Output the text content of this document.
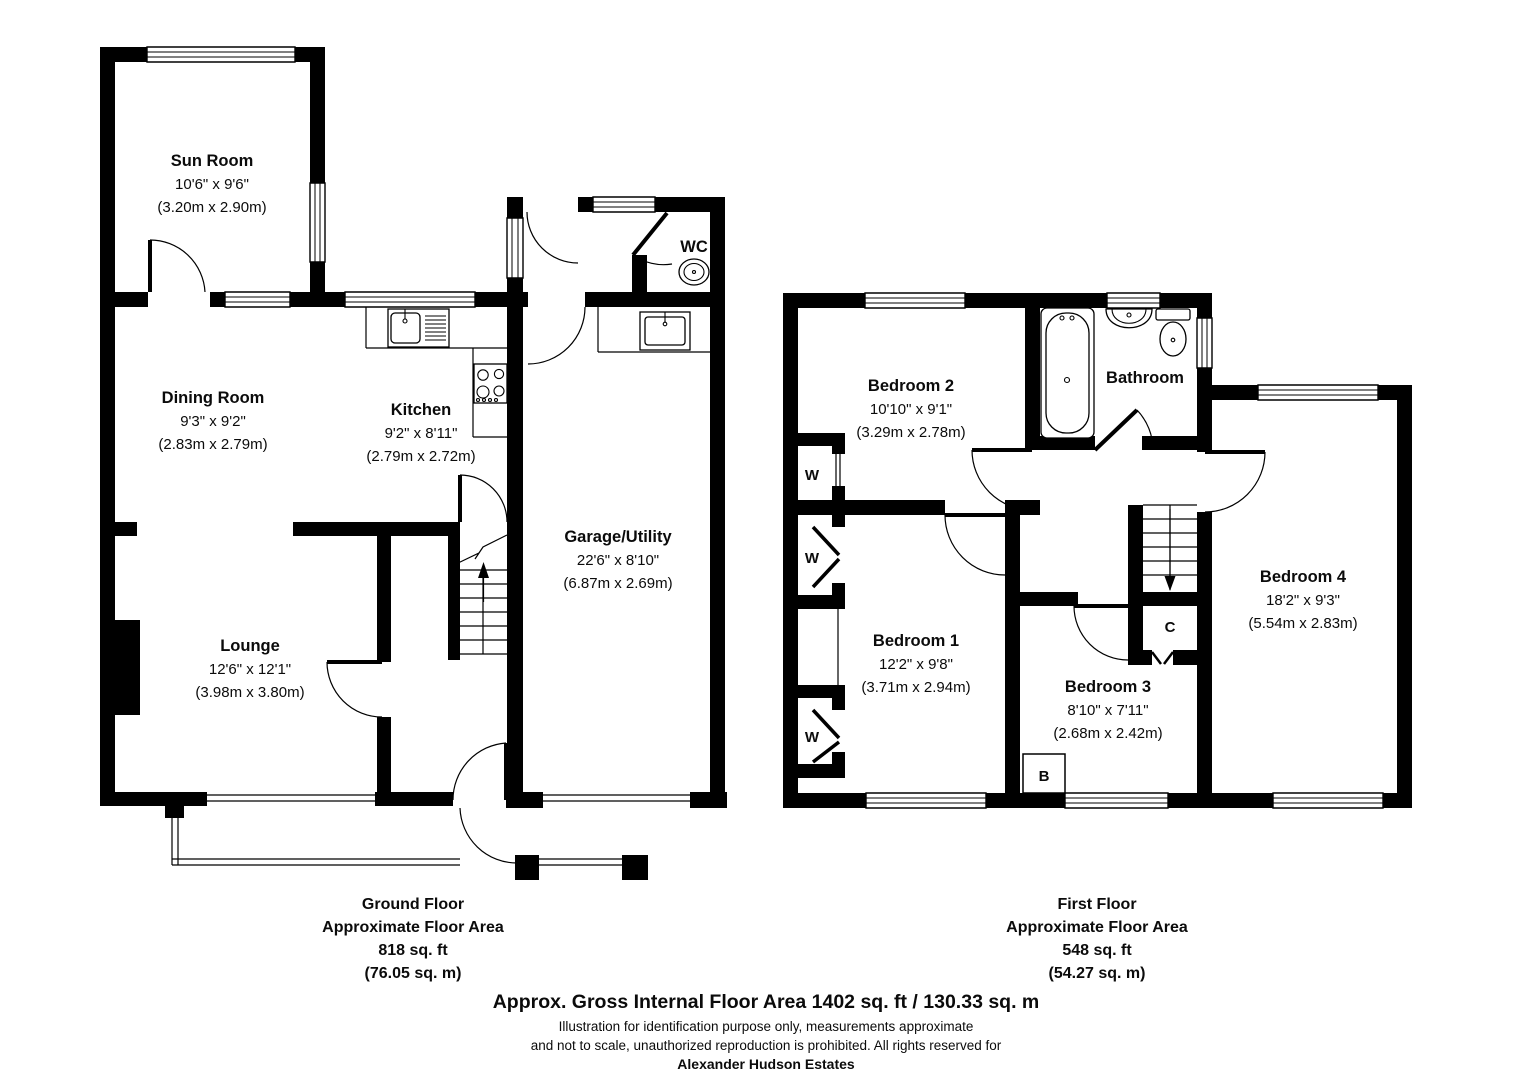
Sun Room
10'6" x 9'6"
(3.20m x 2.90m)
Dining Room
9'3" x 9'2"
(2.83m x 2.79m)
Kitchen
9'2" x 8'11"
(2.79m x 2.72m)
WC
Garage/Utility
22'6" x 8'10"
(6.87m x 2.69m)
Lounge
12'6" x 12'1"
(3.98m x 3.80m)
Ground Floor
Approximate Floor Area
818 sq. ft
(76.05 sq. m)
Bedroom 2
10'10" x 9'1"
(3.29m x 2.78m)
Bathroom
Bedroom 1
12'2" x 9'8"
(3.71m x 2.94m)	Bedroom 3
8'10" x 7'11"
(2.68m x 2.42m)
Bedroom 4
18'2" x 9'3"
(5.54m x 2.83m)
W
W
W
C
B
First Floor
Approximate Floor Area
548 sq. ft
(54.27 sq. m)
Approx. Gross Internal Floor Area 1402 sq. ft / 130.33 sq. m
Illustration for identification purpose only, measurements approximate
and not to scale, unauthorized reproduction is prohibited. All rights reserved for
Alexander Hudson Estates
